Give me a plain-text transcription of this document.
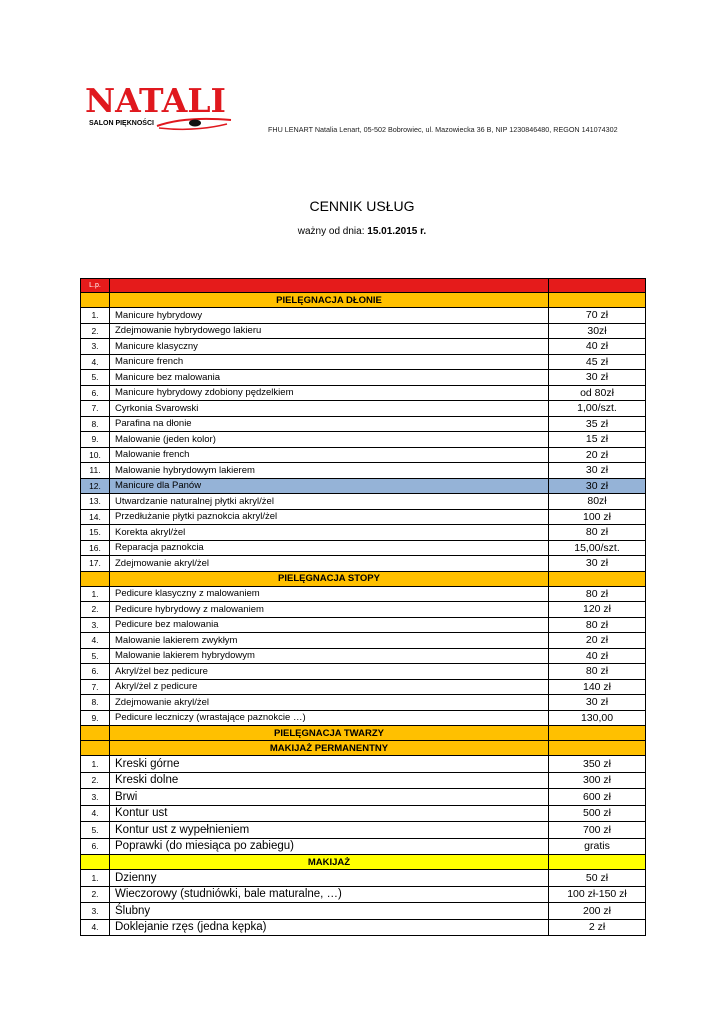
NATALI
SALON PIĘKNOŚCI
FHU LENART Natalia Lenart, 05-502 Bobrowiec, ul. Mazowiecka 36 B, NIP 1230846480, REGON 141074302
CENNIK USŁUG
ważny od dnia: 15.01.2015 r.
L.p.		
	PIELĘGNACJA DŁONIE	
1.	Manicure hybrydowy	70 zł
2.	Zdejmowanie hybrydowego lakieru	30zł
3.	Manicure klasyczny	40 zł
4.	Manicure french	45 zł
5.	Manicure bez malowania	30 zł
6.	Manicure hybrydowy zdobiony pędzelkiem	od 80zł
7.	Cyrkonia Svarowski	1,00/szt.
8.	Parafina na dłonie	35 zł
9.	Malowanie (jeden kolor)	15 zł
10.	Malowanie french	20 zł
11.	Malowanie hybrydowym lakierem	30 zł
12.	Manicure dla Panów	30 zł
13.	Utwardzanie naturalnej płytki akryl/żel	80zł
14.	Przedłużanie płytki paznokcia akryl/żel	100 zł
15.	Korekta akryl/żel	80 zł
16.	Reparacja paznokcia	15,00/szt.
17.	Zdejmowanie akryl/żel	30 zł
	PIELĘGNACJA STOPY	
1.	Pedicure klasyczny z malowaniem	80 zł
2.	Pedicure hybrydowy z malowaniem	120 zł
3.	Pedicure bez malowania	80 zł
4.	Malowanie lakierem zwykłym	20 zł
5.	Malowanie lakierem hybrydowym	40 zł
6.	Akryl/żel bez pedicure	80 zł
7.	Akryl/żel z pedicure	140 zł
8.	Zdejmowanie akryl/żel	30 zł
9.	Pedicure leczniczy (wrastające paznokcie …)	130,00
	PIELĘGNACJA TWARZY	
	MAKIJAŻ PERMANENTNY	
1.	Kreski górne	350 zł
2.	Kreski dolne	300 zł
3.	Brwi	600 zł
4.	Kontur ust	500 zł
5.	Kontur ust z wypełnieniem	700 zł
6.	Poprawki (do miesiąca po zabiegu)	gratis
	MAKIJAŻ	
1.	Dzienny	50 zł
2.	Wieczorowy (studniówki, bale maturalne, …)	100 zł-150 zł
3.	Ślubny	200 zł
4.	Doklejanie rzęs (jedna kępka)	2 zł
